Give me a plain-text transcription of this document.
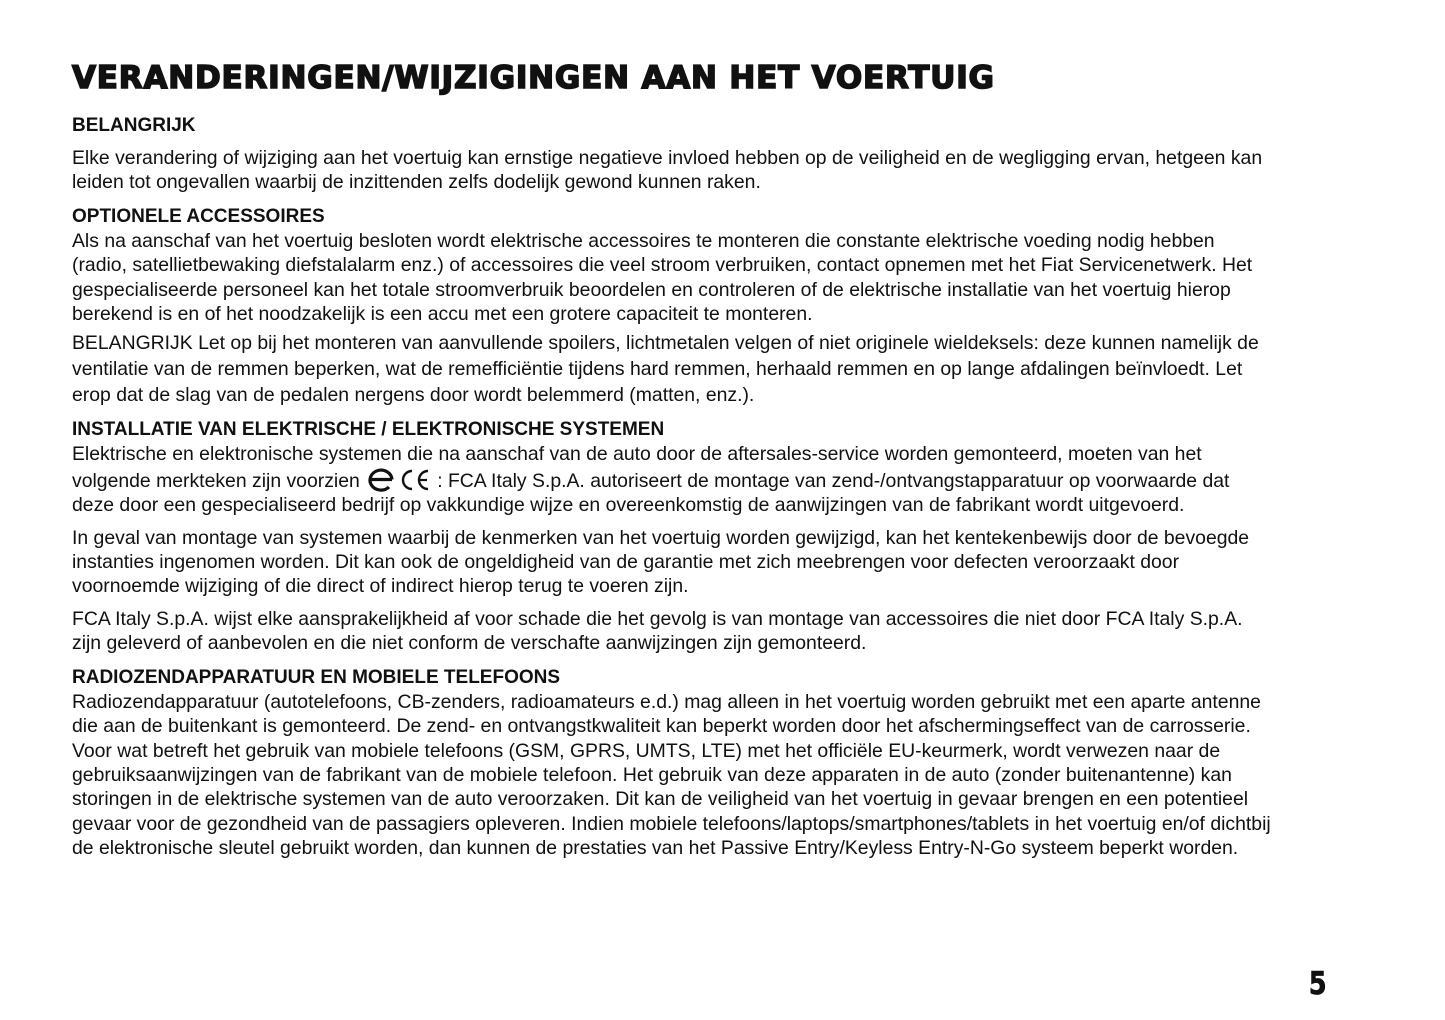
VERANDERINGEN/WIJZIGINGEN AAN HET VOERTUIG
BELANGRIJK

Elke verandering of wijziging aan het voertuig kan ernstige negatieve invloed hebben op de veiligheid en de wegligging ervan, hetgeen kan leiden tot ongevallen waarbij de inzittenden zelfs dodelijk gewond kunnen raken.

OPTIONELE ACCESSOIRES

Als na aanschaf van het voertuig besloten wordt elektrische accessoires te monteren die constante elektrische voeding nodig hebben (radio, satellietbewaking diefstalalarm enz.) of accessoires die veel stroom verbruiken, contact opnemen met het Fiat Servicenetwerk. Het gespecialiseerde personeel kan het totale stroomverbruik beoordelen en controleren of de elektrische installatie van het voertuig hierop berekend is en of het noodzakelijk is een accu met een grotere capaciteit te monteren.

BELANGRIJK Let op bij het monteren van aanvullende spoilers, lichtmetalen velgen of niet originele wieldeksels: deze kunnen namelijk de ventilatie van de remmen beperken, wat de remefficiëntie tijdens hard remmen, herhaald remmen en op lange afdalingen beïnvloedt. Let erop dat de slag van de pedalen nergens door wordt belemmerd (matten, enz.).

INSTALLATIE VAN ELEKTRISCHE / ELEKTRONISCHE SYSTEMEN

Elektrische en elektronische systemen die na aanschaf van de auto door de aftersales-service worden gemonteerd, moeten van het volgende merkteken zijn voorzien	: FCA Italy S.p.A. autoriseert de montage van zend-/ontvangstapparatuur op voorwaarde dat deze door een gespecialiseerd bedrijf op vakkundige wijze en overeenkomstig de aanwijzingen van de fabrikant wordt uitgevoerd.

In geval van montage van systemen waarbij de kenmerken van het voertuig worden gewijzigd, kan het kentekenbewijs door de bevoegde instanties ingenomen worden. Dit kan ook de ongeldigheid van de garantie met zich meebrengen voor defecten veroorzaakt door voornoemde wijziging of die direct of indirect hierop terug te voeren zijn.

FCA Italy S.p.A. wijst elke aansprakelijkheid af voor schade die het gevolg is van montage van accessoires die niet door FCA Italy S.p.A. zijn geleverd of aanbevolen en die niet conform de verschafte aanwijzingen zijn gemonteerd.

RADIOZENDAPPARATUUR EN MOBIELE TELEFOONS

Radiozendapparatuur (autotelefoons, CB-zenders, radioamateurs e.d.) mag alleen in het voertuig worden gebruikt met een aparte antenne die aan de buitenkant is gemonteerd. De zend- en ontvangstkwaliteit kan beperkt worden door het afschermingseffect van de carrosserie. Voor wat betreft het gebruik van mobiele telefoons (GSM, GPRS, UMTS, LTE) met het officiële EU-keurmerk, wordt verwezen naar de gebruiksaanwijzingen van de fabrikant van de mobiele telefoon. Het gebruik van deze apparaten in de auto (zonder buitenantenne) kan storingen in de elektrische systemen van de auto veroorzaken. Dit kan de veiligheid van het voertuig in gevaar brengen en een potentieel gevaar voor de gezondheid van de passagiers opleveren. Indien mobiele telefoons/laptops/smartphones/tablets in het voertuig en/of dichtbij de elektronische sleutel gebruikt worden, dan kunnen de prestaties van het Passive Entry/Keyless Entry-N-Go systeem beperkt worden.

5
